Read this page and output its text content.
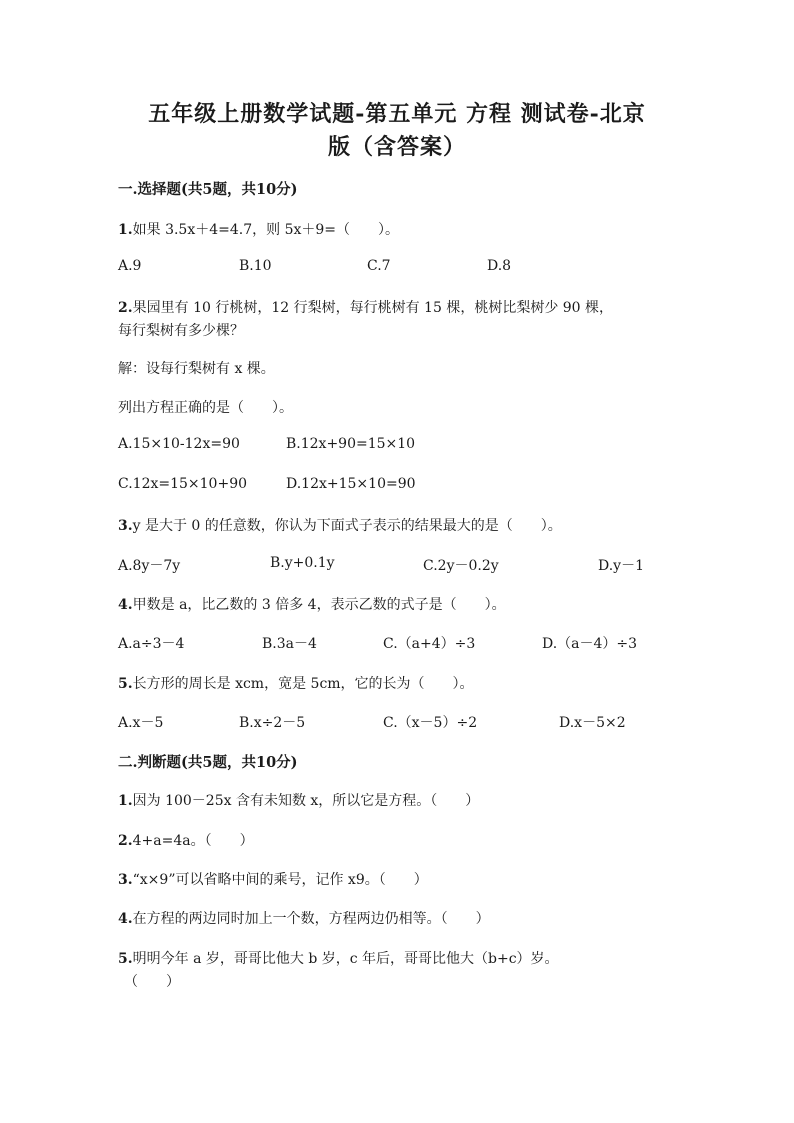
五年级上册数学试题-第五单元 方程 测试卷-北京
版（含答案）
一.选择题(共5题，共10分)
1.如果 3.5x＋4=4.7，则 5x＋9=（　　）。
A.9	B.10	C.7	D.8
2.果园里有 10 行桃树，12 行梨树，每行桃树有 15 棵，桃树比梨树少 90 棵，
每行梨树有多少棵？
解：设每行梨树有 x 棵。
列出方程正确的是（　　）。
A.15×10-12x=90	B.12x+90=15×10
C.12x=15×10+90	D.12x+15×10=90
3.y 是大于 0 的任意数，你认为下面式子表示的结果最大的是（　　）。
A.8y－7y	B.y+0.1y	C.2y－0.2y	D.y－1
4.甲数是 a，比乙数的 3 倍多 4，表示乙数的式子是（　　）。
A.a÷3－4	B.3a－4	C.（a+4）÷3	D.（a－4）÷3
5.长方形的周长是 xcm，宽是 5cm，它的长为（　　）。
A.x－5	B.x÷2－5	C.（x－5）÷2	D.x－5×2
二.判断题(共5题，共10分)
1.因为 100－25x 含有未知数 x，所以它是方程。（　　）
2.4+a=4a。（　　）
3.“x×9”可以省略中间的乘号，记作 x9。（　　）
4.在方程的两边同时加上一个数，方程两边仍相等。（　　）
5.明明今年 a 岁，哥哥比他大 b 岁，c 年后，哥哥比他大（b+c）岁。
（　　）
